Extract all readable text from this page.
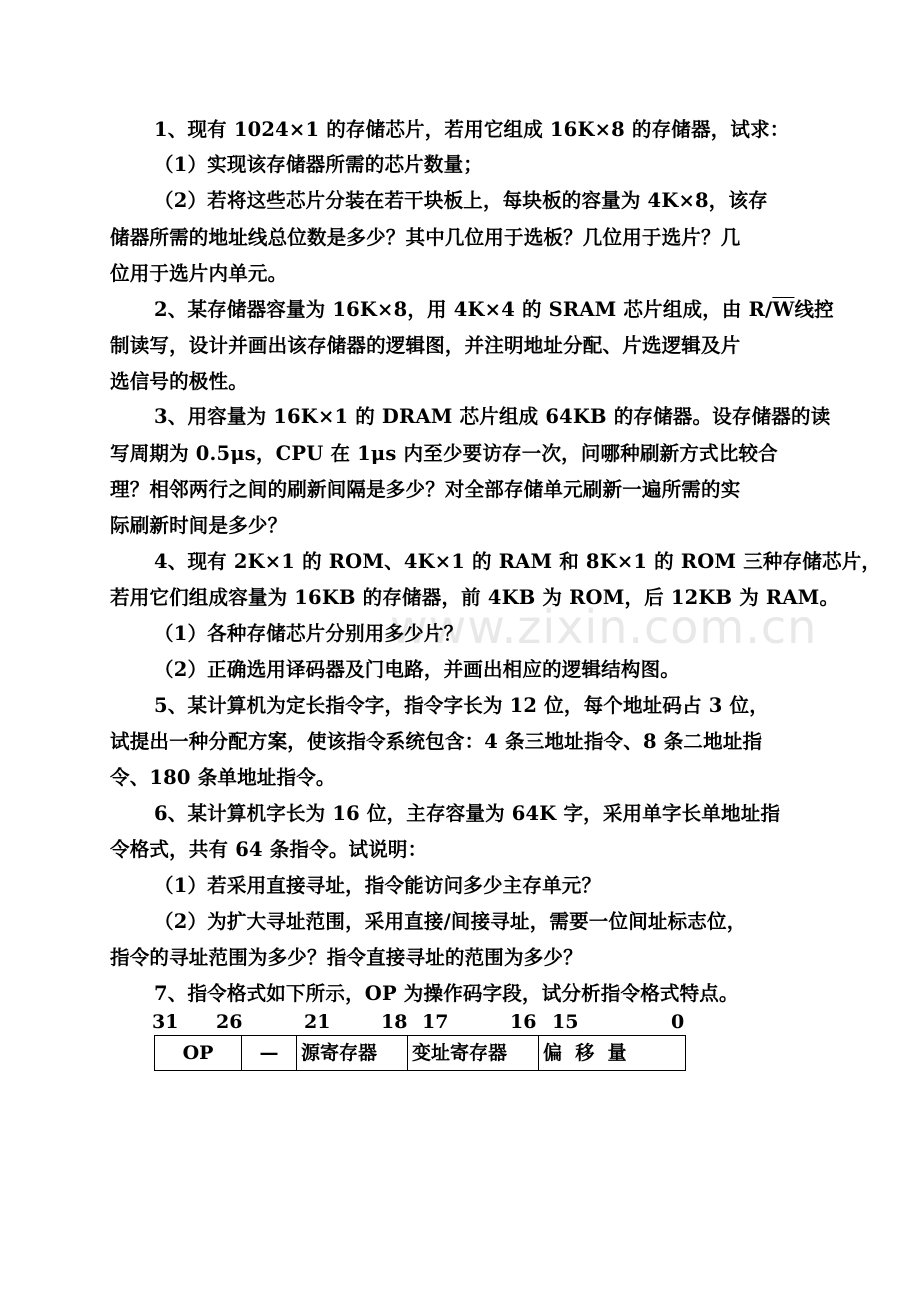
www.zixin.com.cn
1、现有 1024×1 的存储芯片，若用它组成 16K×8 的存储器，试求：
（1）实现该存储器所需的芯片数量；
（2）若将这些芯片分装在若干块板上，每块板的容量为 4K×8，该存
储器所需的地址线总位数是多少？其中几位用于选板？几位用于选片？几
位用于选片内单元。
2、某存储器容量为 16K×8，用 4K×4 的 SRAM 芯片组成，由 $R/\overline{W}$线控
制读写，设计并画出该存储器的逻辑图，并注明地址分配、片选逻辑及片
选信号的极性。
3、用容量为 16K×1 的 DRAM 芯片组成 64KB 的存储器。设存储器的读
写周期为 0.5μs，CPU 在 1μs 内至少要访存一次，问哪种刷新方式比较合
理？相邻两行之间的刷新间隔是多少？对全部存储单元刷新一遍所需的实
际刷新时间是多少？
4、现有 2K×1 的 ROM、4K×1 的 RAM 和 8K×1 的 ROM 三种存储芯片，
若用它们组成容量为 16KB 的存储器，前 4KB 为 ROM，后 12KB 为 RAM。
（1）各种存储芯片分别用多少片？
（2）正确选用译码器及门电路，并画出相应的逻辑结构图。
5、某计算机为定长指令字，指令字长为 12 位，每个地址码占 3 位，
试提出一种分配方案，使该指令系统包含：4 条三地址指令、8 条二地址指
令、180 条单地址指令。
6、某计算机字长为 16 位，主存容量为 64K 字，采用单字长单地址指
令格式，共有 64 条指令。试说明：
（1）若采用直接寻址，指令能访问多少主存单元？
（2）为扩大寻址范围，采用直接/间接寻址，需要一位间址标志位，
指令的寻址范围为多少？指令直接寻址的范围为多少？
7、指令格式如下所示，OP 为操作码字段，试分析指令格式特点。
31 26	21	18 17	16 15	0
OP	—	源寄存器	变址寄存器	偏  移  量
